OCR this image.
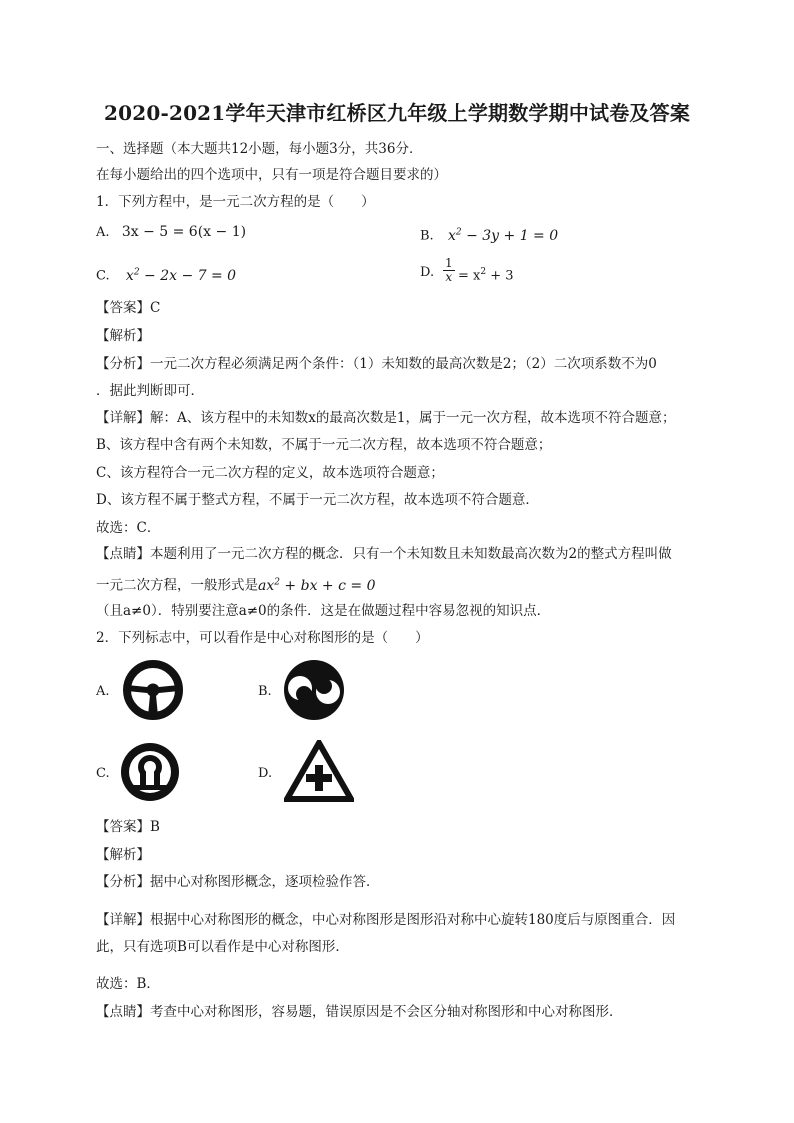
2020-2021学年天津市红桥区九年级上学期数学期中试卷及答案
一、选择题（本大题共12小题，每小题3分，共36分．
在每小题给出的四个选项中，只有一项是符合题目要求的）
1．下列方程中，是一元二次方程的是（　　）
A. 3x − 5 = 6(x − 1)	B. $x^2 - 3y + 1 = 0$
C. $x^2 - 2x - 7 = 0$	D. $\frac{1}{x} = x^2 + 3$
【答案】C
【解析】
【分析】一元二次方程必须满足两个条件：（1）未知数的最高次数是2；（2）二次项系数不为0
．据此判断即可．
【详解】解：A、该方程中的未知数x的最高次数是1，属于一元一次方程，故本选项不符合题意；
B、该方程中含有两个未知数，不属于一元二次方程，故本选项不符合题意；
C、该方程符合一元二次方程的定义，故本选项符合题意；
D、该方程不属于整式方程，不属于一元二次方程，故本选项不符合题意．
故选：C．
【点睛】本题利用了一元二次方程的概念．只有一个未知数且未知数最高次数为2的整式方程叫做
一元二次方程，一般形式是$ax^2$ + bx + c = 0
（且a≠0）．特别要注意a≠0的条件．这是在做题过程中容易忽视的知识点．
2．下列标志中，可以看作是中心对称图形的是（　　）
A.	B.
C.	D.
【答案】B
【解析】
【分析】据中心对称图形概念，逐项检验作答．
【详解】根据中心对称图形的概念，中心对称图形是图形沿对称中心旋转180度后与原图重合．因
此，只有选项B可以看作是中心对称图形．
故选：B．
【点睛】考查中心对称图形，容易题，错误原因是不会区分轴对称图形和中心对称图形．
